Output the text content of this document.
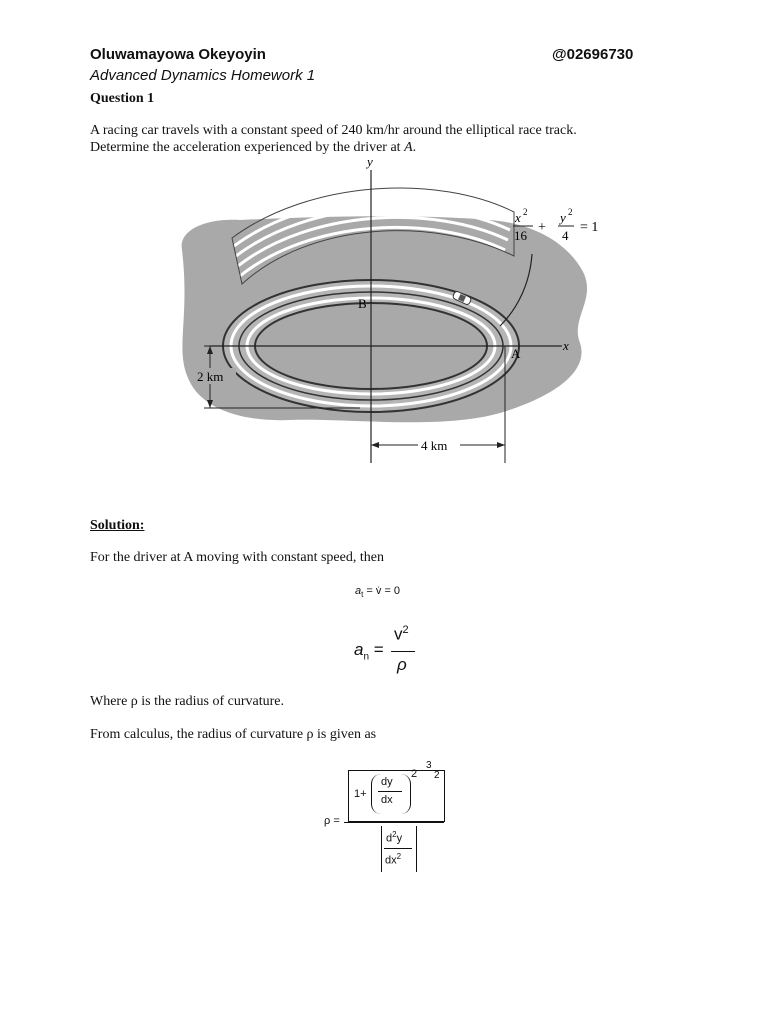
Oluwamayowa Okeyoyin	@02696730
Advanced Dynamics Homework 1
Question 1
A racing car travels with a constant speed of 240 km/hr around the elliptical race track.
Determine the acceleration experienced by the driver at A.
y
x
B
A
2 km
4 km
x 2
16
+
y 2
4
= 1
Solution:
For the driver at A moving with constant speed, then
$a_t$ = v̇ = 0
$a_n$ =
$v^2$
ρ
Where ρ is the radius of curvature.
From calculus, the radius of curvature ρ is given as
ρ =
1+
dy
dx
2
3
2
$d^2y$
$dx^2$
